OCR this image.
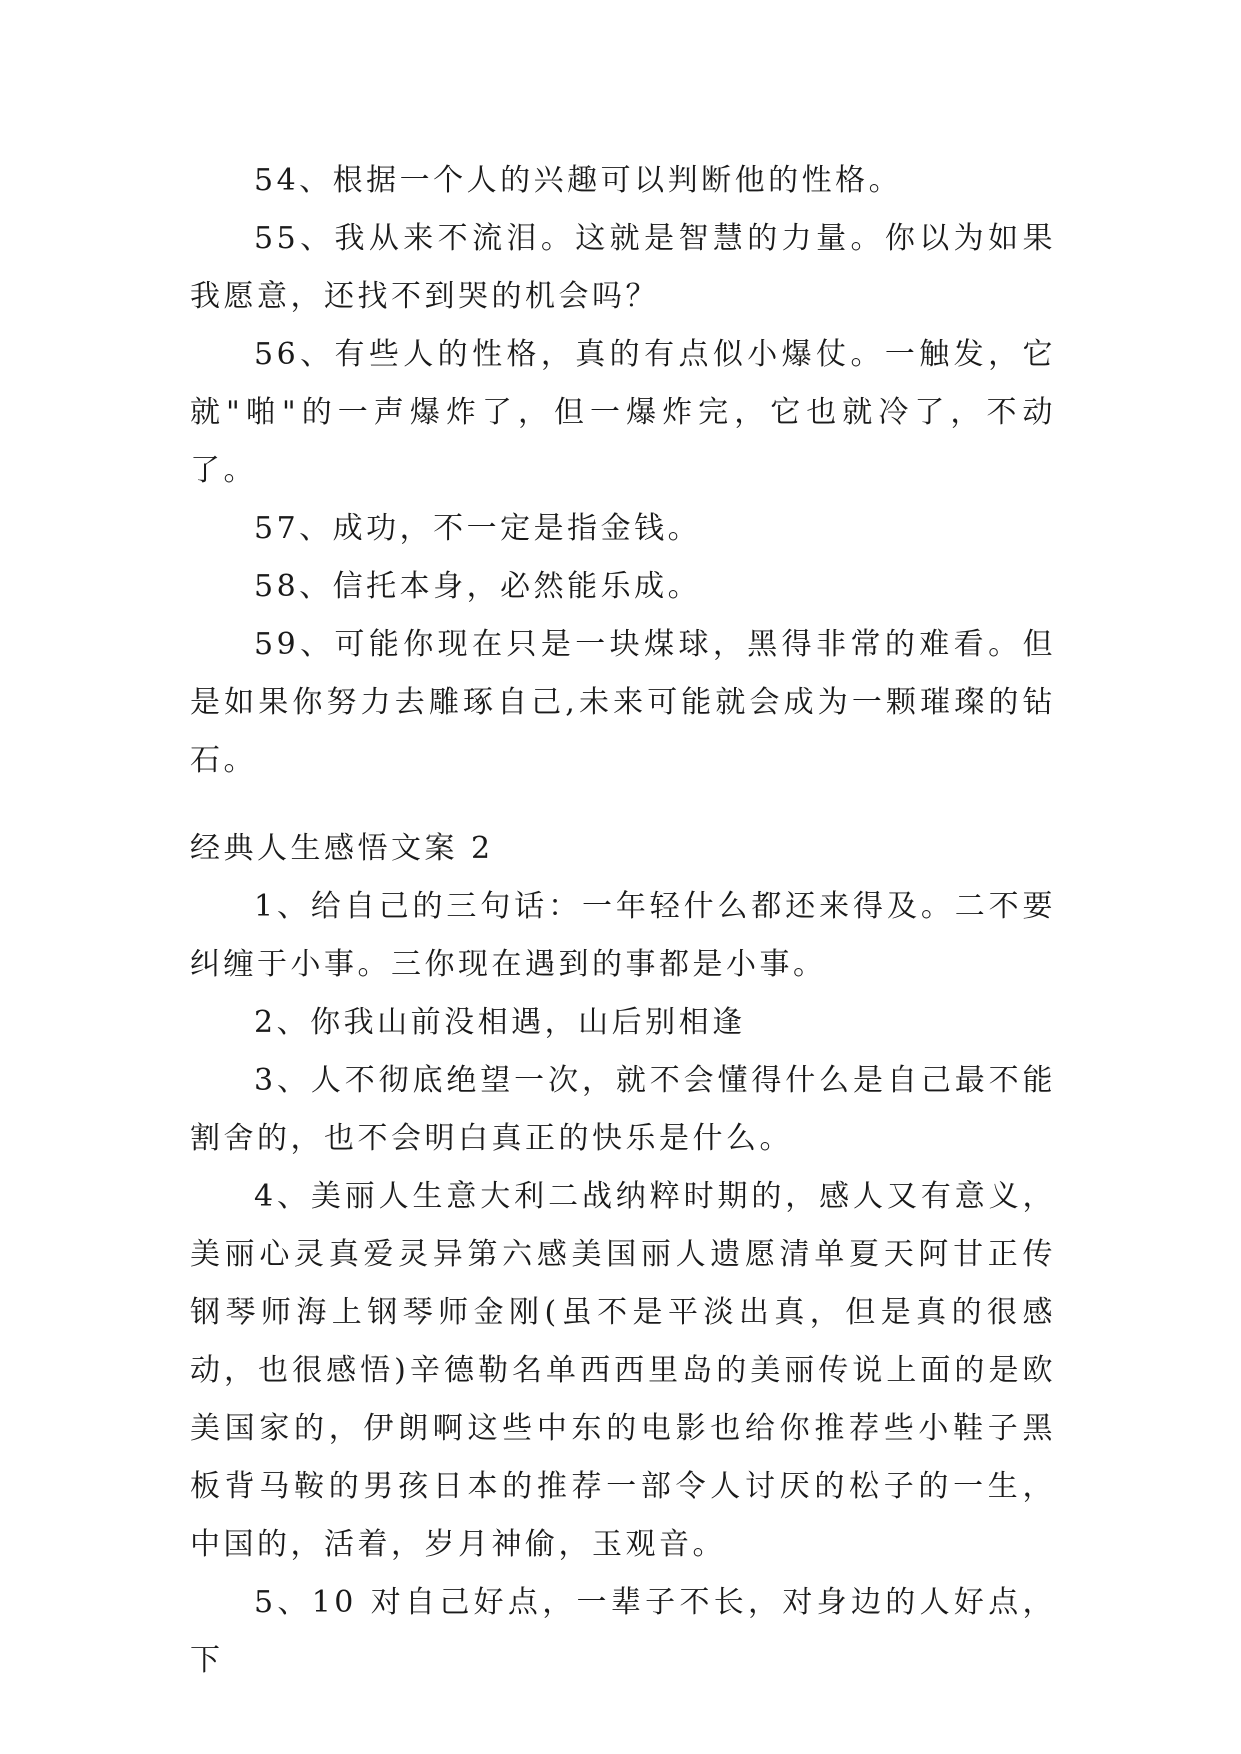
54、根据一个人的兴趣可以判断他的性格。

55、我从来不流泪。这就是智慧的力量。你以为如果我愿意，还找不到哭的机会吗？

56、有些人的性格，真的有点似小爆仗。一触发，它就"啪"的一声爆炸了，但一爆炸完，它也就冷了，不动了。

57、成功，不一定是指金钱。

58、信托本身，必然能乐成。

59、可能你现在只是一块煤球，黑得非常的难看。但是如果你努力去雕琢自己,未来可能就会成为一颗璀璨的钻石。

经典人生感悟文案 2

1、给自己的三句话：一年轻什么都还来得及。二不要纠缠于小事。三你现在遇到的事都是小事。

2、你我山前没相遇，山后别相逢

3、人不彻底绝望一次，就不会懂得什么是自己最不能割舍的，也不会明白真正的快乐是什么。

4、美丽人生意大利二战纳粹时期的，感人又有意义，美丽心灵真爱灵异第六感美国丽人遗愿清单夏天阿甘正传钢琴师海上钢琴师金刚(虽不是平淡出真，但是真的很感动，也很感悟)辛德勒名单西西里岛的美丽传说上面的是欧美国家的，伊朗啊这些中东的电影也给你推荐些小鞋子黑板背马鞍的男孩日本的推荐一部令人讨厌的松子的一生，中国的，活着，岁月神偷，玉观音。

5、10 对自己好点，一辈子不长，对身边的人好点，下
